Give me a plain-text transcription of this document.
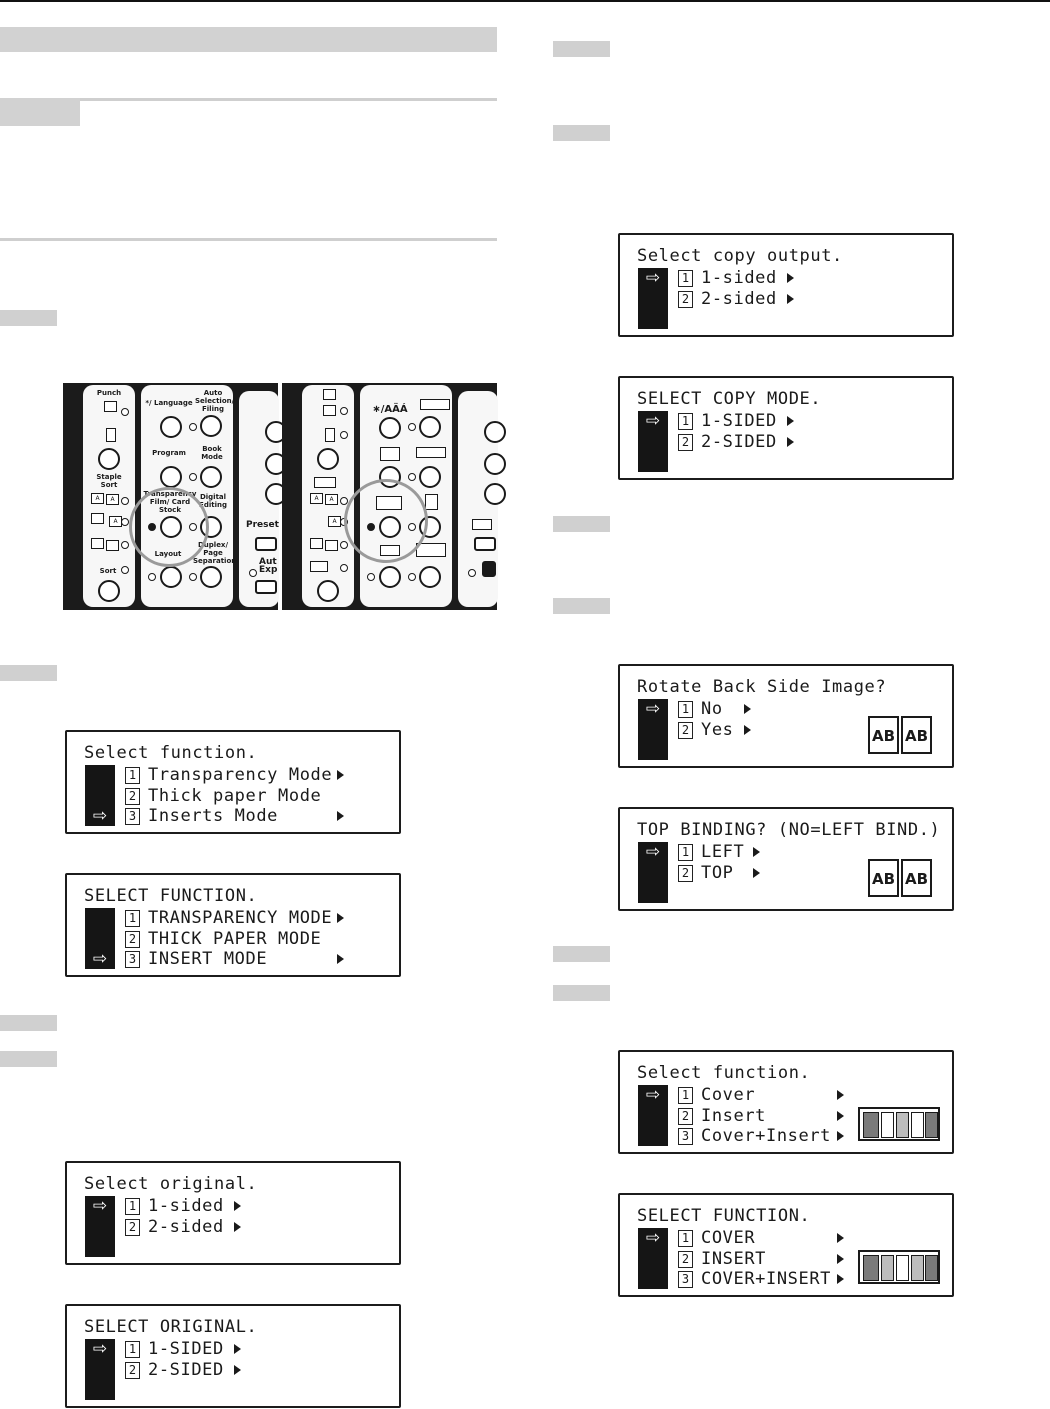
Punch
Staple Sort
A	A
A
Sort
*/ Language
Auto Selection/ Filing
Program	Book Mode
Transparency Film/ Card Stock
Digital Editing
Duplex/ Page Separation
Layout
Preset
Aut Exp
A	A
A
∗/AÄÁ
Select function.
⇨
1 Transparency Mode
2 Thick paper Mode
3 Inserts Mode
SELECT FUNCTION.
⇨
1 TRANSPARENCY MODE
2 THICK PAPER MODE
3 INSERT MODE
Select original.
⇨	1 1-sided
2 2-sided
SELECT ORIGINAL.
⇨	1 1-SIDED
2 2-SIDED
Select copy output.
⇨	1 1-sided
2 2-sided
SELECT COPY MODE.
⇨	1 1-SIDED
2 2-SIDED
Rotate Back Side Image?
⇨	1 No
2 Yes	AB AB
TOP BINDING? (NO=LEFT BIND.)
⇨	1 LEFT
2 TOP	AB AB
Select function.
⇨	1 Cover
2 Insert
3 Cover+Insert
SELECT FUNCTION.
⇨	1 COVER
2 INSERT
3 COVER+INSERT
